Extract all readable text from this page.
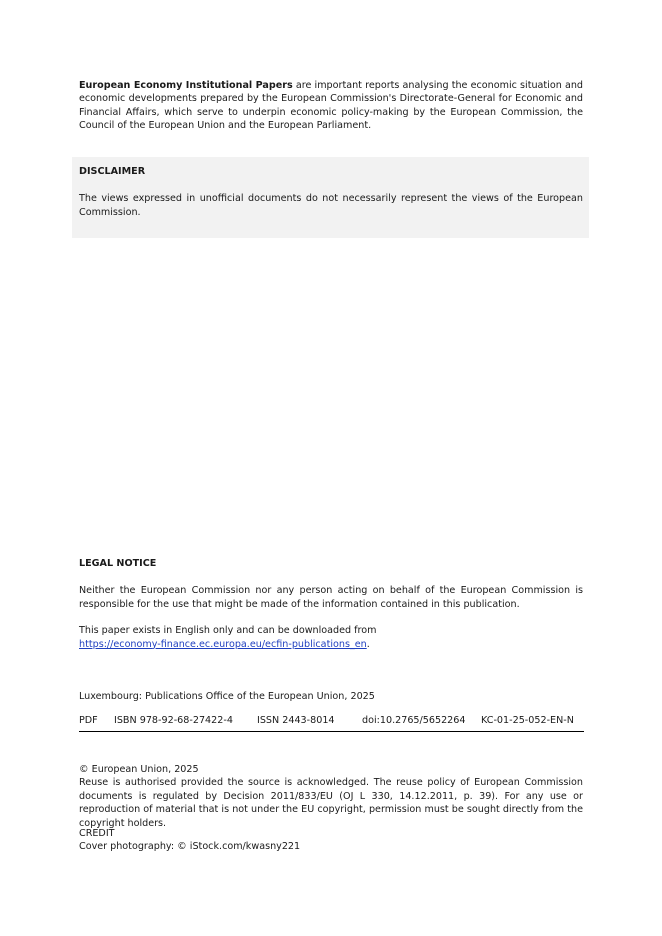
European Economy Institutional Papers are important reports analysing the economic situation and economic developments prepared by the European Commission's Directorate-General for Economic and Financial Affairs, which serve to underpin economic policy-making by the European Commission, the Council of the European Union and the European Parliament.

DISCLAIMER

The views expressed in unofficial documents do not necessarily represent the views of the European Commission.

LEGAL NOTICE

Neither the European Commission nor any person acting on behalf of the European Commission is responsible for the use that might be made of the information contained in this publication.

This paper exists in English only and can be downloaded from
https://economy-finance.ec.europa.eu/ecfin-publications_en.

Luxembourg: Publications Office of the European Union, 2025

PDF ISBN 978-92-68-27422-4	ISSN 2443-8014	doi:10.2765/5652264 KC-01-25-052-EN-N

© European Union, 2025

Reuse is authorised provided the source is acknowledged. The reuse policy of European Commission documents is regulated by Decision 2011/833/EU (OJ L 330, 14.12.2011, p. 39). For any use or reproduction of material that is not under the EU copyright, permission must be sought directly from the copyright holders.

CREDIT

Cover photography: © iStock.com/kwasny221
